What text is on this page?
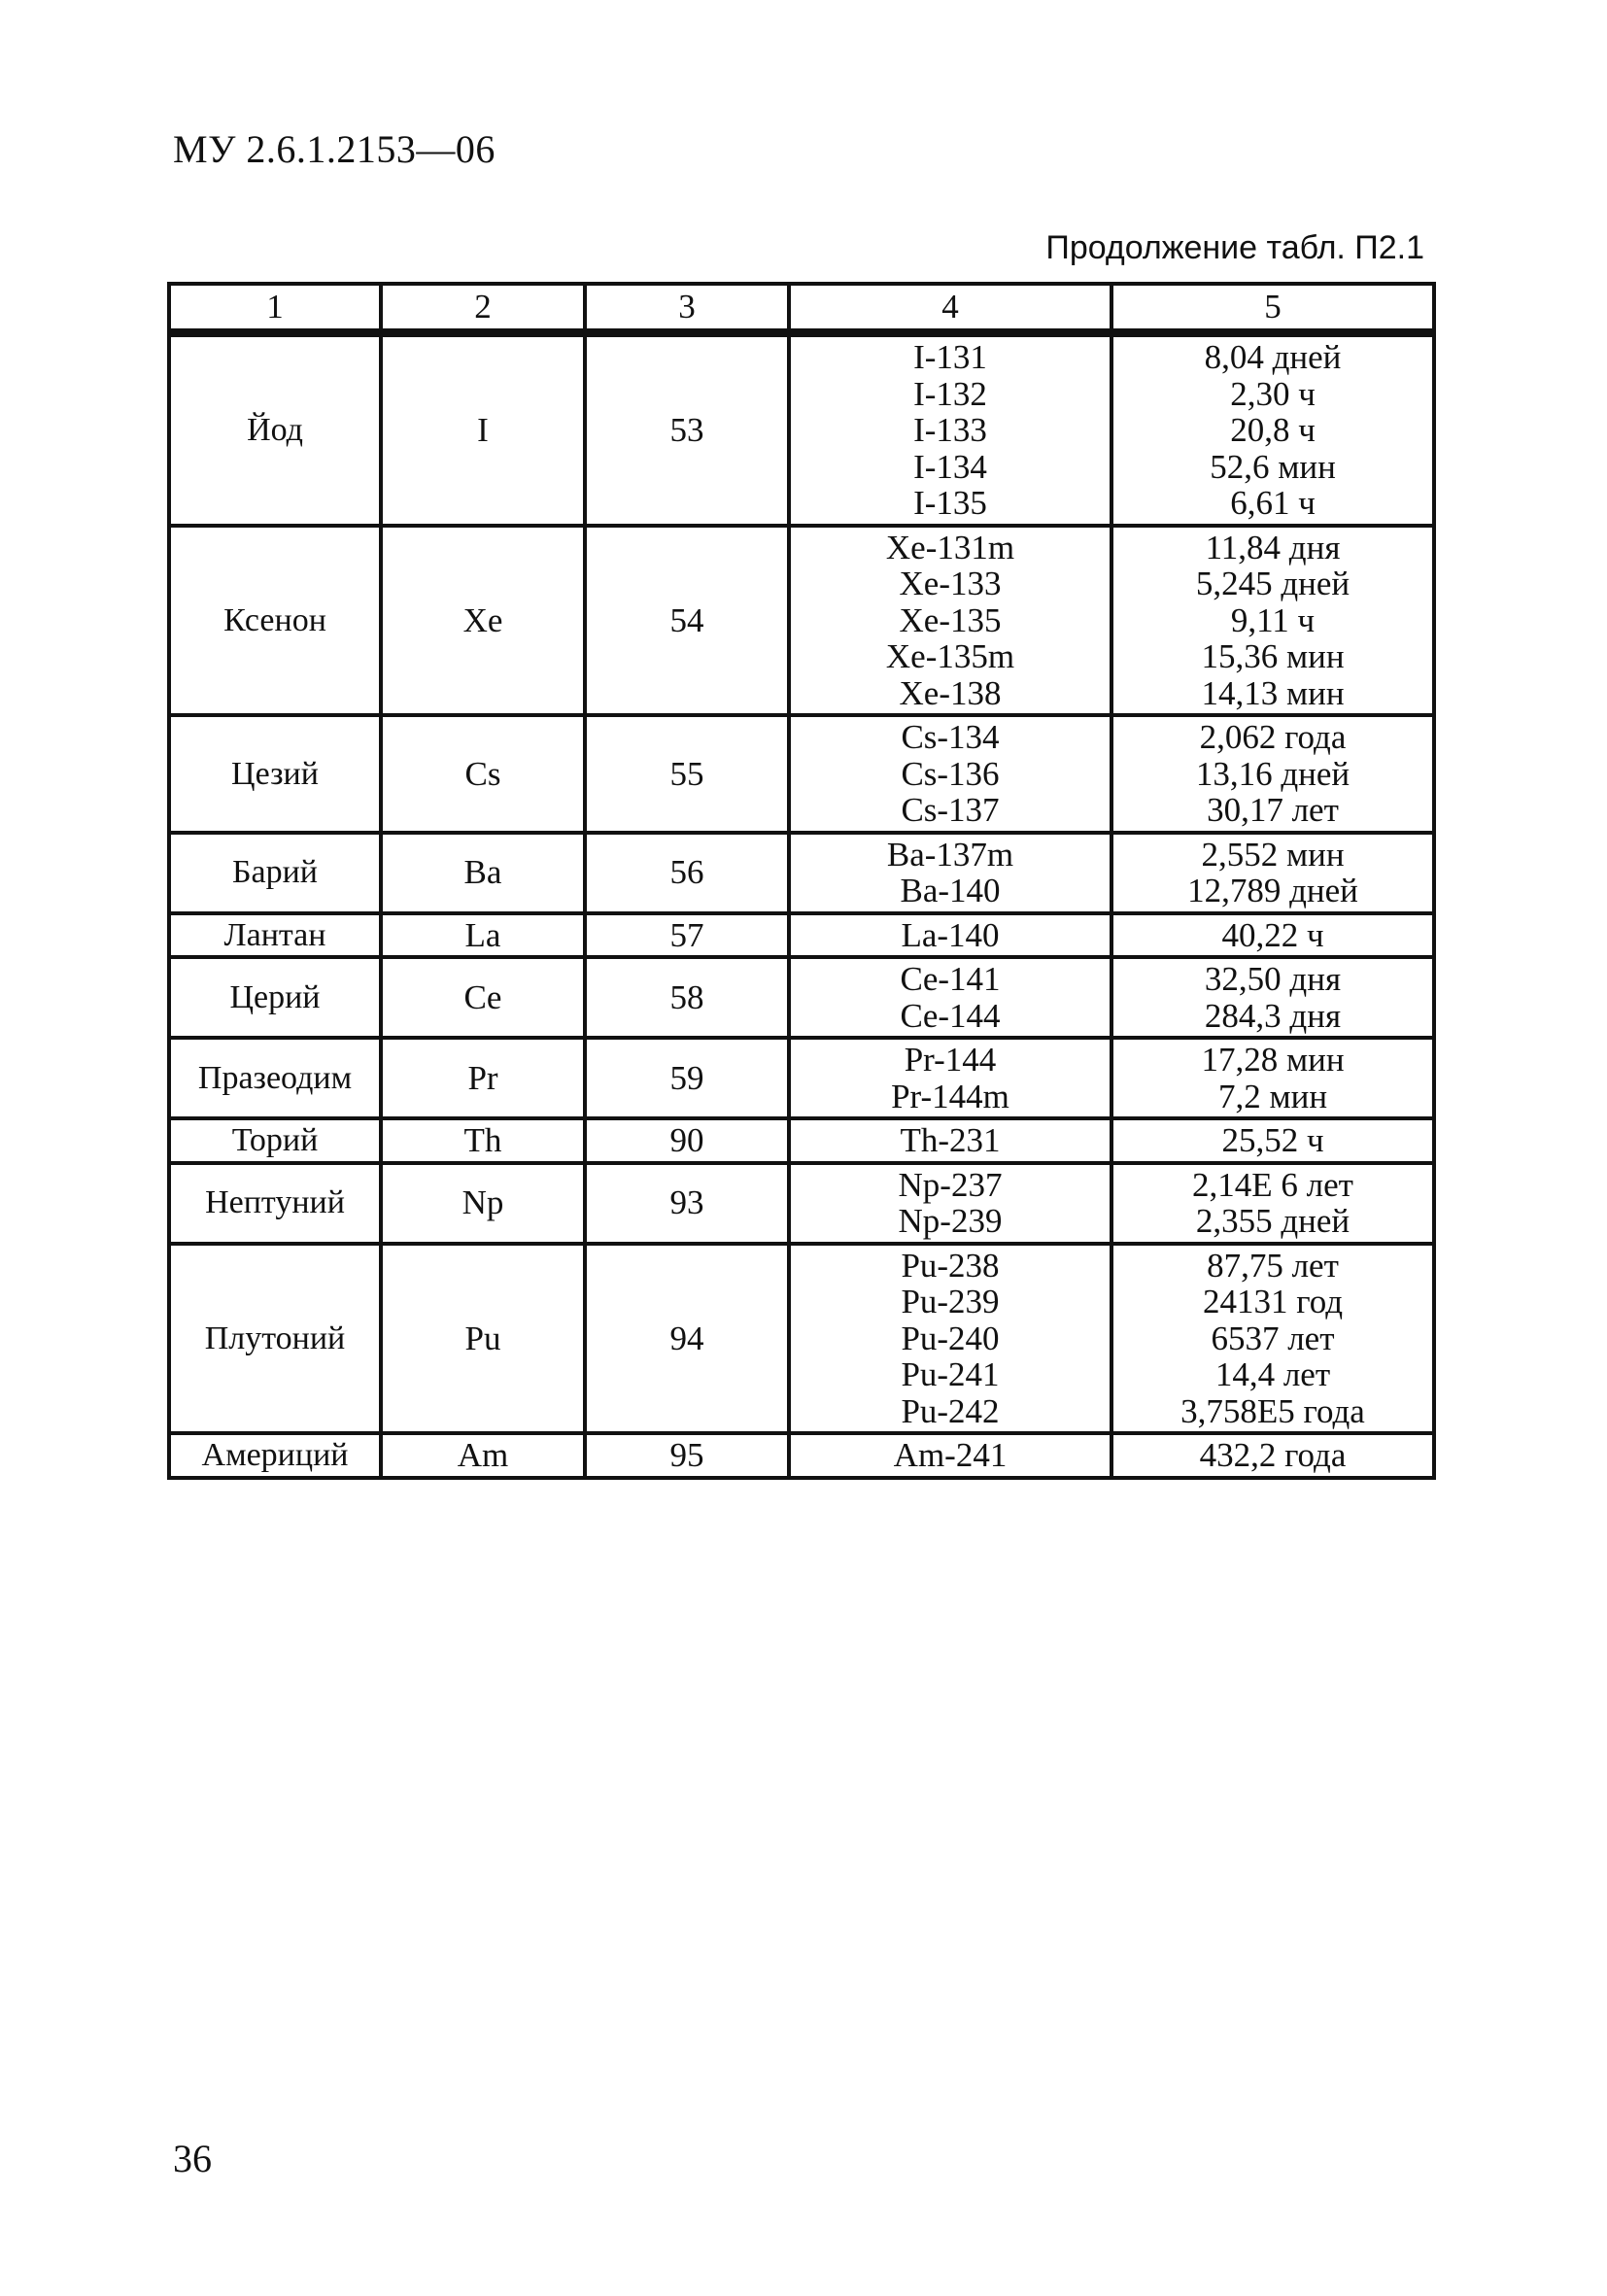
МУ 2.6.1.2153—06
Продолжение табл. П2.1
1	2	3	4	5
Йод	I	53	I-131
I-132
I-133
I-134
I-135	8,04 дней
2,30 ч
20,8 ч
52,6 мин
6,61 ч

Ксенон	Xe	54	Xe-131m
Xe-133
Xe-135
Xe-135m
Xe-138	11,84 дня
5,245 дней
9,11 ч
15,36 мин
14,13 мин

Цезий	Cs	55	Cs-134
Cs-136
Cs-137	2,062 года
13,16 дней
30,17 лет

Барий	Ba	56	Ba-137m
Ba-140	2,552 мин
12,789 дней

Лантан	La	57	La-140	40,22 ч

Церий	Ce	58	Ce-141
Ce-144	32,50 дня
284,3 дня

Празеодим	Pr	59	Pr-144
Pr-144m	17,28 мин
7,2 мин

Торий	Th	90	Th-231	25,52 ч

Нептуний	Np	93	Np-237
Np-239	2,14E 6 лет
2,355 дней

Плутоний	Pu	94	Pu-238
Pu-239
Pu-240
Pu-241
Pu-242	87,75 лет
24131 год
6537 лет
14,4 лет
3,758E5 года

Америций	Am	95	Am-241	432,2 года
36
